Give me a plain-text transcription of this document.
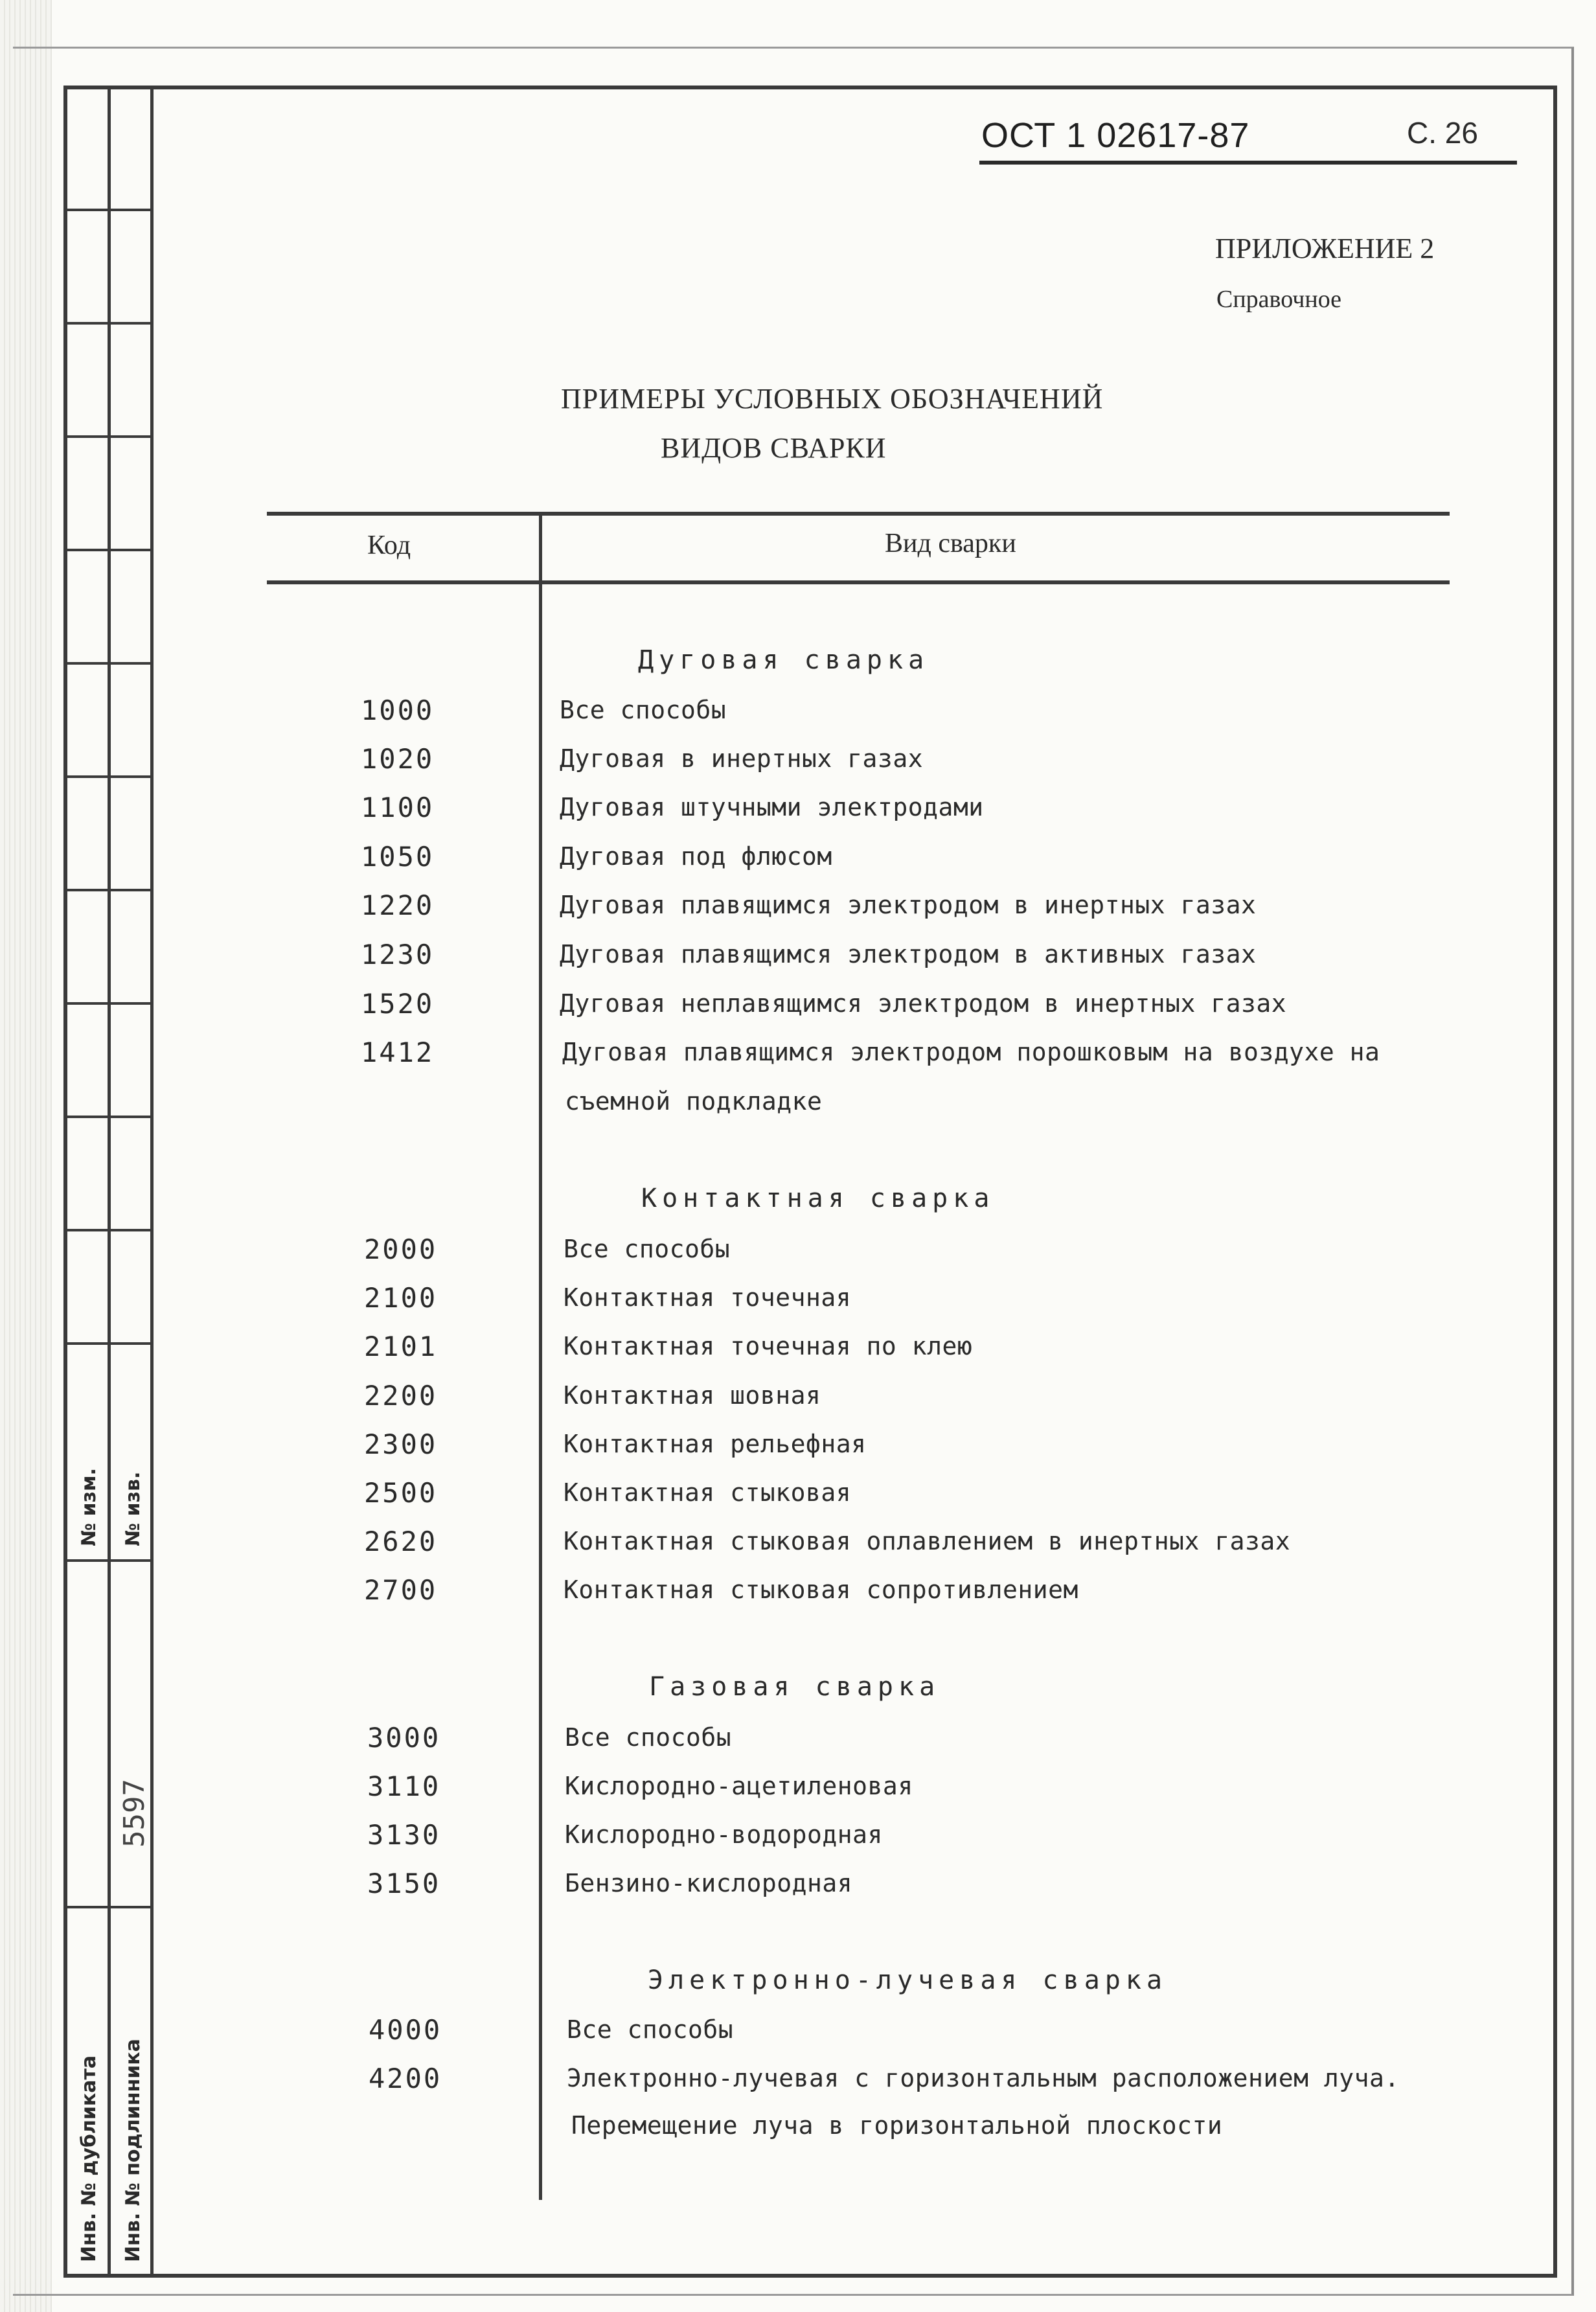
№ изм. № изв.
5597
Инв. № дубликата Инв. № подлинника
ОСТ 1 02617-87	С. 26
ПРИЛОЖЕНИЕ 2
Справочное
ПРИМЕРЫ УСЛОВНЫХ ОБОЗНАЧЕНИЙ
ВИДОВ СВАРКИ
Код	Вид сварки
Дуговая сварка
1000	Все способы
1020	Дуговая в инертных газах
1100	Дуговая штучными электродами
1050	Дуговая под флюсом
1220	Дуговая плавящимся электродом в инертных газах
1230	Дуговая плавящимся электродом в активных газах
1520	Дуговая неплавящимся электродом в инертных газах
1412	Дуговая плавящимся электродом порошковым на воздухе на
съемной подкладке
Контактная сварка
2000	Все способы
2100	Контактная точечная
2101	Контактная точечная по клею
2200	Контактная шовная
2300	Контактная рельефная
2500	Контактная стыковая
2620	Контактная стыковая оплавлением в инертных газах
2700	Контактная стыковая сопротивлением
Газовая сварка
3000	Все способы
3110	Кислородно-ацетиленовая
3130	Кислородно-водородная
3150	Бензино-кислородная
Электронно-лучевая сварка
4000	Все способы
4200	Электронно-лучевая с горизонтальным расположением луча.
Перемещение луча в горизонтальной плоскости
